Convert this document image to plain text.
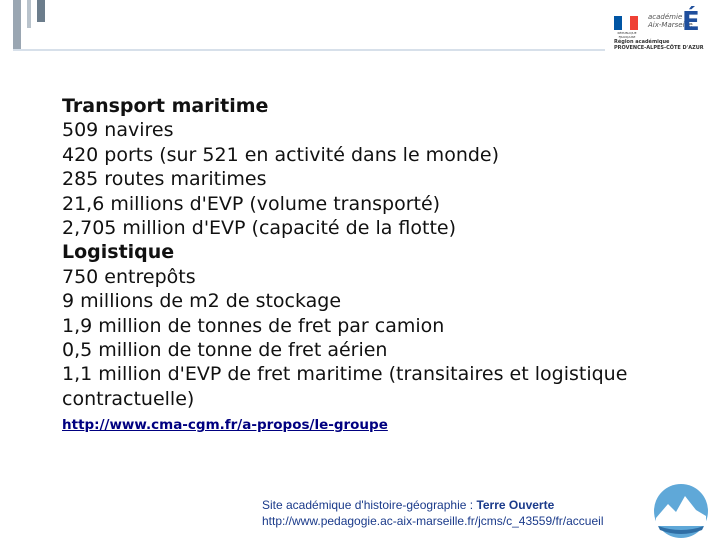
RÉPUBLIQUE FRANÇAISE
académie
Aix-Marseille
É
Région académique
PROVENCE-ALPES-CÔTE D'AZUR

Transport maritime

509 navires

420 ports (sur 521 en activité dans le monde)

285 routes maritimes

21,6 millions d'EVP (volume transporté)

2,705 million d'EVP (capacité de la flotte)

Logistique

750 entrepôts

9 millions de m2 de stockage

1,9 million de tonnes de fret par camion

0,5 million de tonne de fret aérien

1,1 million d'EVP de fret maritime (transitaires et logistique contractuelle)

http://www.cma-cgm.fr/a-propos/le-groupe
Site académique d'histoire-géographie : Terre Ouverte
http://www.pedagogie.ac-aix-marseille.fr/jcms/c_43559/fr/accueil
